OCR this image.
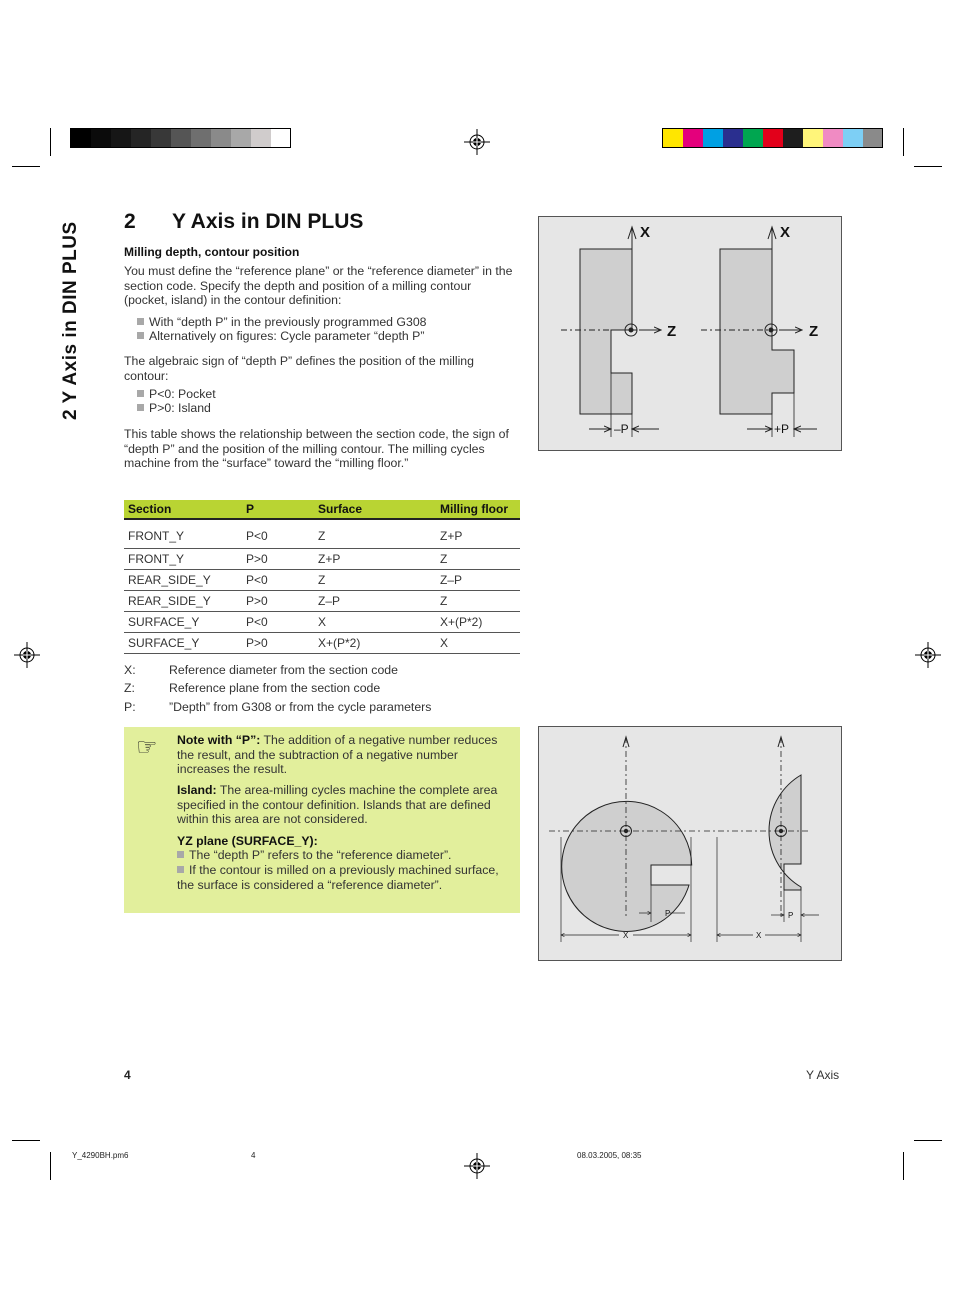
2 Y Axis in DIN PLUS 2 Y Axis in DIN PLUS
Milling depth, contour position
You must define the “reference plane” or the “reference diameter” in the section code. Specify the depth and position of a milling contour (pocket, island) in the contour definition:
With “depth P” in the previously programmed G308
Alternatively on figures: Cycle parameter “depth P”
The algebraic sign of “depth P” defines the position of the milling contour:
P<0: Pocket
P>0: Island
This table shows the relationship between the section code, the sign of “depth P” and the position of the milling contour. The milling cycles machine from the “surface” toward the “milling floor.”
Section	P	Surface	Milling floor
FRONT_Y	P<0	Z	Z+P
FRONT_Y	P>0	Z+P	Z
REAR_SIDE_Y	P<0	Z	Z–P
REAR_SIDE_Y	P>0	Z–P	Z
SURFACE_Y	P<0	X	X+(P*2)
SURFACE_Y	P>0	X+(P*2)	X
X:	Reference diameter from the section code
Z:	Reference plane from the section code
P:	”Depth” from G308 or from the cycle parameters
☞ Note with “P”: The addition of a negative number reduces the result, and the subtraction of a negative number increases the result.
Island: The area-milling cycles machine the complete area specified in the contour definition. Islands that are defined within this area are not considered.
YZ plane (SURFACE_Y):
The “depth P” refers to the “reference diameter”.
If the contour is milled on a previously machined surface, the surface is considered a “reference diameter”.
X
Z
–P
X
Z
+P
P
X
P
X
4	Y Axis
Y_4290BH.pm6	4	08.03.2005, 08:35
